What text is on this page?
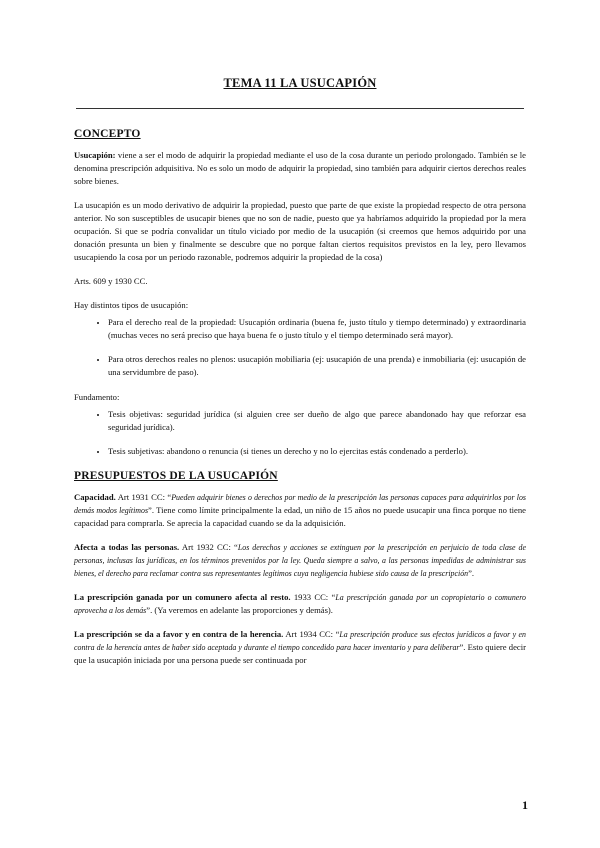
TEMA 11 LA USUCAPIÓN
CONCEPTO

Usucapión: viene a ser el modo de adquirir la propiedad mediante el uso de la cosa durante un periodo prolongado. También se le denomina prescripción adquisitiva. No es solo un modo de adquirir la propiedad, sino también para adquirir ciertos derechos reales sobre bienes.

La usucapión es un modo derivativo de adquirir la propiedad, puesto que parte de que existe la propiedad respecto de otra persona anterior. No son susceptibles de usucapir bienes que no son de nadie, puesto que ya habríamos adquirido la propiedad por la mera ocupación. Si que se podría convalidar un título viciado por medio de la usucapión (si creemos que hemos adquirido por una donación presunta un bien y finalmente se descubre que no porque faltan ciertos requisitos previstos en la ley, pero llevamos usucapiendo la cosa por un periodo razonable, podremos adquirir la propiedad de la cosa)

Arts. 609 y 1930 CC.

Hay distintos tipos de usucapión:

• Para el derecho real de la propiedad: Usucapión ordinaria (buena fe, justo título y tiempo determinado) y extraordinaria (muchas veces no será preciso que haya buena fe o justo título y el tiempo determinado será mayor).
• Para otros derechos reales no plenos: usucapión mobiliaria (ej: usucapión de una prenda) e inmobiliaria (ej: usucapión de una servidumbre de paso).

Fundamento:

• Tesis objetivas: seguridad jurídica (si alguien cree ser dueño de algo que parece abandonado hay que reforzar esa seguridad jurídica).
• Tesis subjetivas: abandono o renuncia (si tienes un derecho y no lo ejercitas estás condenado a perderlo).
PRESUPUESTOS DE LA USUCAPIÓN

Capacidad. Art 1931 CC: “Pueden adquirir bienes o derechos por medio de la prescripción las personas capaces para adquirirlos por los demás modos legítimos”. Tiene como límite principalmente la edad, un niño de 15 años no puede usucapir una finca porque no tiene capacidad para comprarla. Se aprecia la capacidad cuando se da la adquisición.

Afecta a todas las personas. Art 1932 CC: “Los derechos y acciones se extinguen por la prescripción en perjuicio de toda clase de personas, inclusas las jurídicas, en los términos prevenidos por la ley. Queda siempre a salvo, a las personas impedidas de administrar sus bienes, el derecho para reclamar contra sus representantes legítimos cuya negligencia hubiese sido causa de la prescripción”.

La prescripción ganada por un comunero afecta al resto. 1933 CC: “La prescripción ganada por un copropietario o comunero aprovecha a los demás”. (Ya veremos en adelante las proporciones y demás).

La prescripción se da a favor y en contra de la herencia. Art 1934 CC: “La prescripción produce sus efectos jurídicos a favor y en contra de la herencia antes de haber sido aceptada y durante el tiempo concedido para hacer inventario y para deliberar”. Esto quiere decir que la usucapión iniciada por una persona puede ser continuada por

1
